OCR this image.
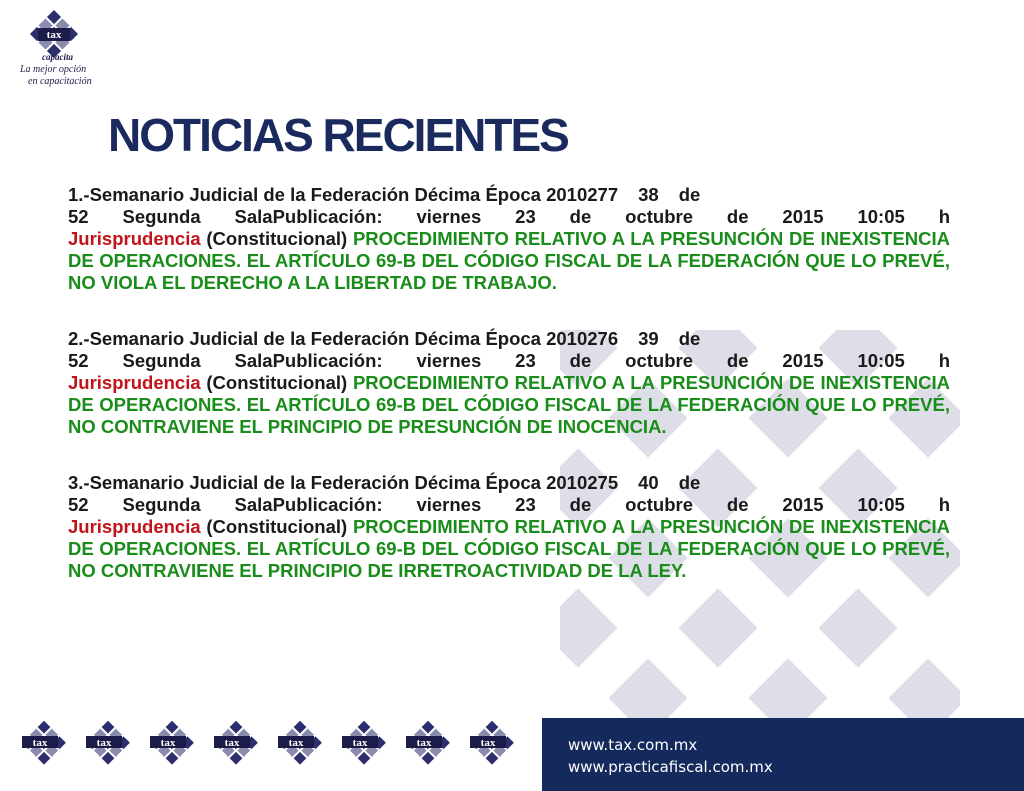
tax
capacita
La mejor opción
en capacitación
NOTICIAS RECIENTES
1.-Semanario Judicial de la Federación Décima Época 2010277 38 de
52 Segunda SalaPublicación: viernes 23 de octubre de 2015 10:05 h
Jurisprudencia (Constitucional) PROCEDIMIENTO RELATIVO A LA PRESUNCIÓN DE INEXISTENCIA DE OPERACIONES. EL ARTÍCULO 69-B DEL CÓDIGO FISCAL DE LA FEDERACIÓN QUE LO PREVÉ, NO VIOLA EL DERECHO A LA LIBERTAD DE TRABAJO.
2.-Semanario Judicial de la Federación Décima Época 2010276 39 de
52 Segunda SalaPublicación: viernes 23 de octubre de 2015 10:05 h
Jurisprudencia (Constitucional) PROCEDIMIENTO RELATIVO A LA PRESUNCIÓN DE INEXISTENCIA DE OPERACIONES. EL ARTÍCULO 69-B DEL CÓDIGO FISCAL DE LA FEDERACIÓN QUE LO PREVÉ, NO CONTRAVIENE EL PRINCIPIO DE PRESUNCIÓN DE INOCENCIA.
3.-Semanario Judicial de la Federación Décima Época 2010275 40 de
52 Segunda SalaPublicación: viernes 23 de octubre de 2015 10:05 h
Jurisprudencia (Constitucional) PROCEDIMIENTO RELATIVO A LA PRESUNCIÓN DE INEXISTENCIA DE OPERACIONES. EL ARTÍCULO 69-B DEL CÓDIGO FISCAL DE LA FEDERACIÓN QUE LO PREVÉ, NO CONTRAVIENE EL PRINCIPIO DE IRRETROACTIVIDAD DE LA LEY.
tax	tax	tax	tax	tax	tax	tax	tax	www.tax.com.mx
www.practicafiscal.com.mx
